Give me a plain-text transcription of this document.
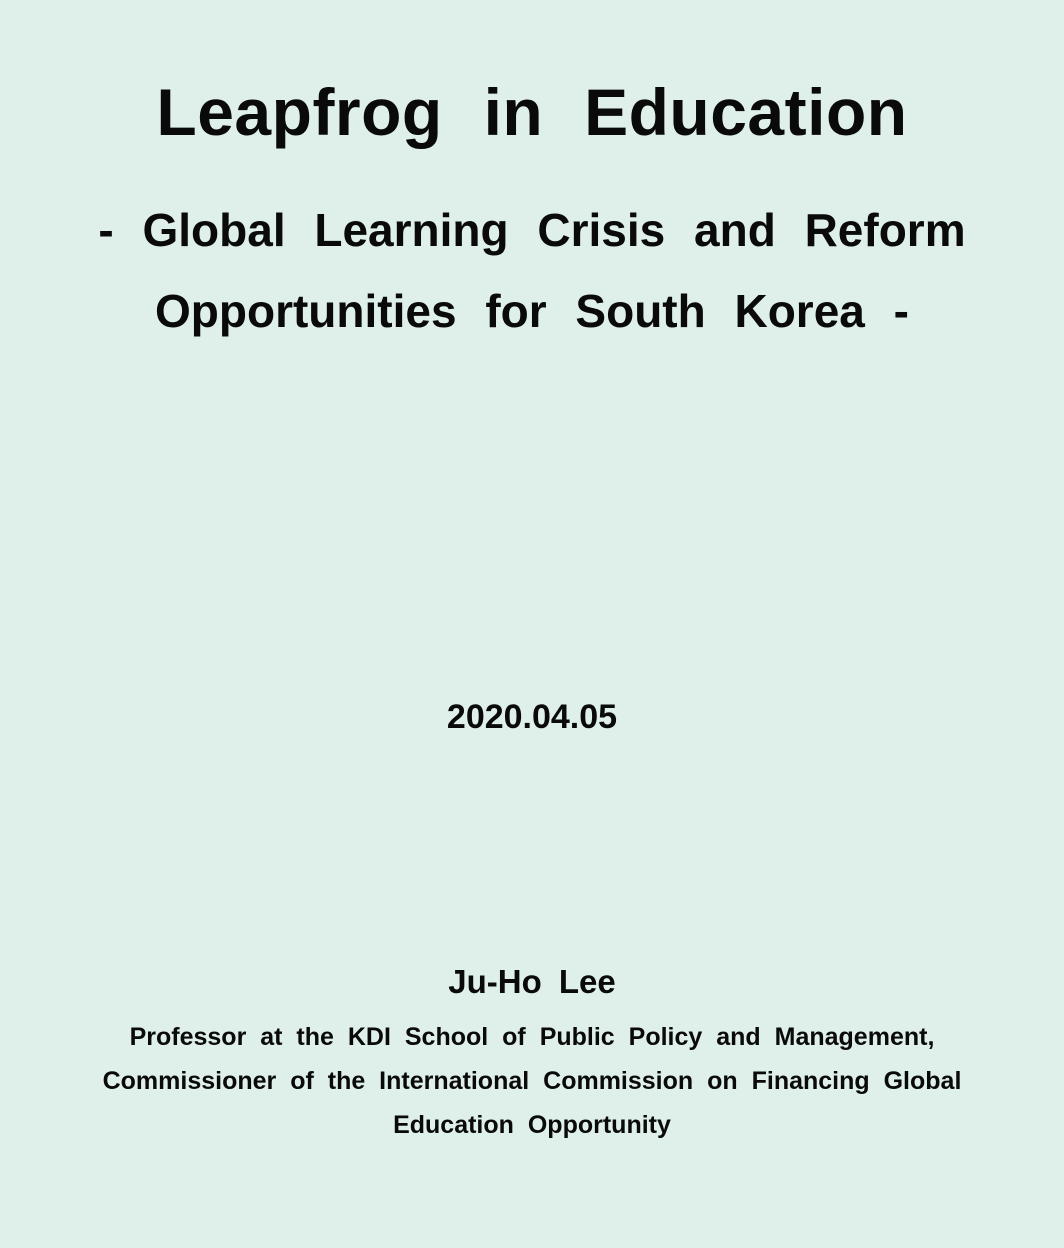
Leapfrog in Education
- Global Learning Crisis and Reform
Opportunities for South Korea -
2020.04.05
Ju-Ho Lee
Professor at the KDI School of Public Policy and Management,
Commissioner of the International Commission on Financing Global
Education Opportunity
